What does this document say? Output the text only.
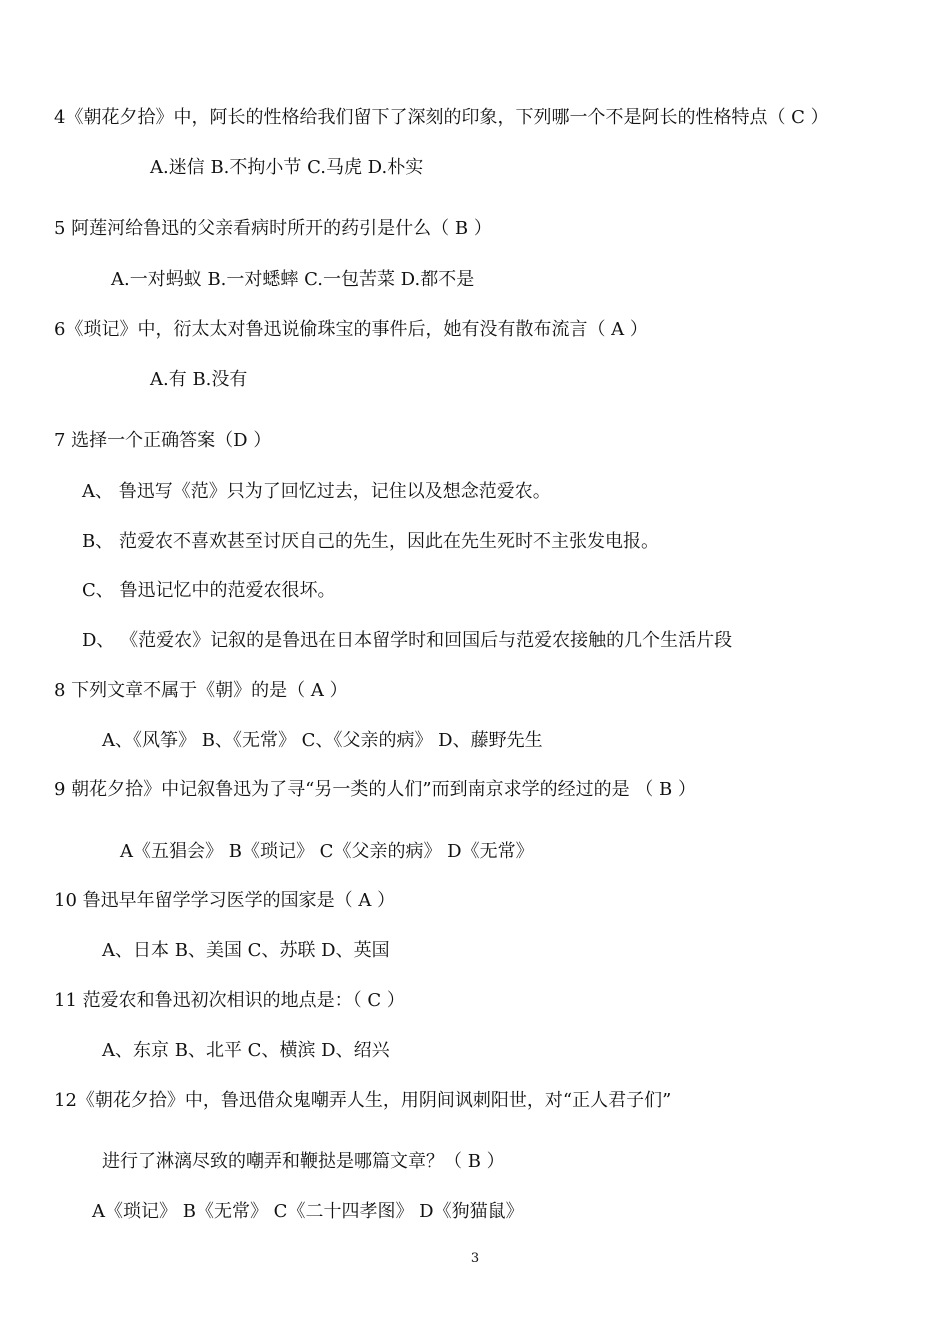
4《朝花夕拾》中，阿长的性格给我们留下了深刻的印象，下列哪一个不是阿长的性格特点（ C ）
A.迷信 B.不拘小节 C.马虎 D.朴实
5 阿莲河给鲁迅的父亲看病时所开的药引是什么（ B ）
A.一对蚂蚁 B.一对蟋蟀 C.一包苦菜 D.都不是
6《琐记》中，衍太太对鲁迅说偷珠宝的事件后，她有没有散布流言（ A ）
A.有 B.没有
7 选择一个正确答案（D ）
A、 鲁迅写《范》只为了回忆过去，记住以及想念范爱农。
B、 范爱农不喜欢甚至讨厌自己的先生，因此在先生死时不主张发电报。
C、 鲁迅记忆中的范爱农很坏。
D、 《范爱农》记叙的是鲁迅在日本留学时和回国后与范爱农接触的几个生活片段
8 下列文章不属于《朝》的是（ A ）
A、《风筝》 B、《无常》 C、《父亲的病》 D、藤野先生
9 朝花夕拾》中记叙鲁迅为了寻“另一类的人们”而到南京求学的经过的是 （ B ）
A《五猖会》 B《琐记》 C《父亲的病》 D《无常》
10 鲁迅早年留学学习医学的国家是（ A ）
A、日本 B、美国 C、苏联 D、英国
11 范爱农和鲁迅初次相识的地点是：（ C ）
A、东京 B、北平 C、横滨 D、绍兴
12《朝花夕拾》中，鲁迅借众鬼嘲弄人生，用阴间讽刺阳世，对“正人君子们”
进行了淋漓尽致的嘲弄和鞭挞是哪篇文章？（ B ）
A《琐记》 B《无常》 C《二十四孝图》 D《狗猫鼠》
3
